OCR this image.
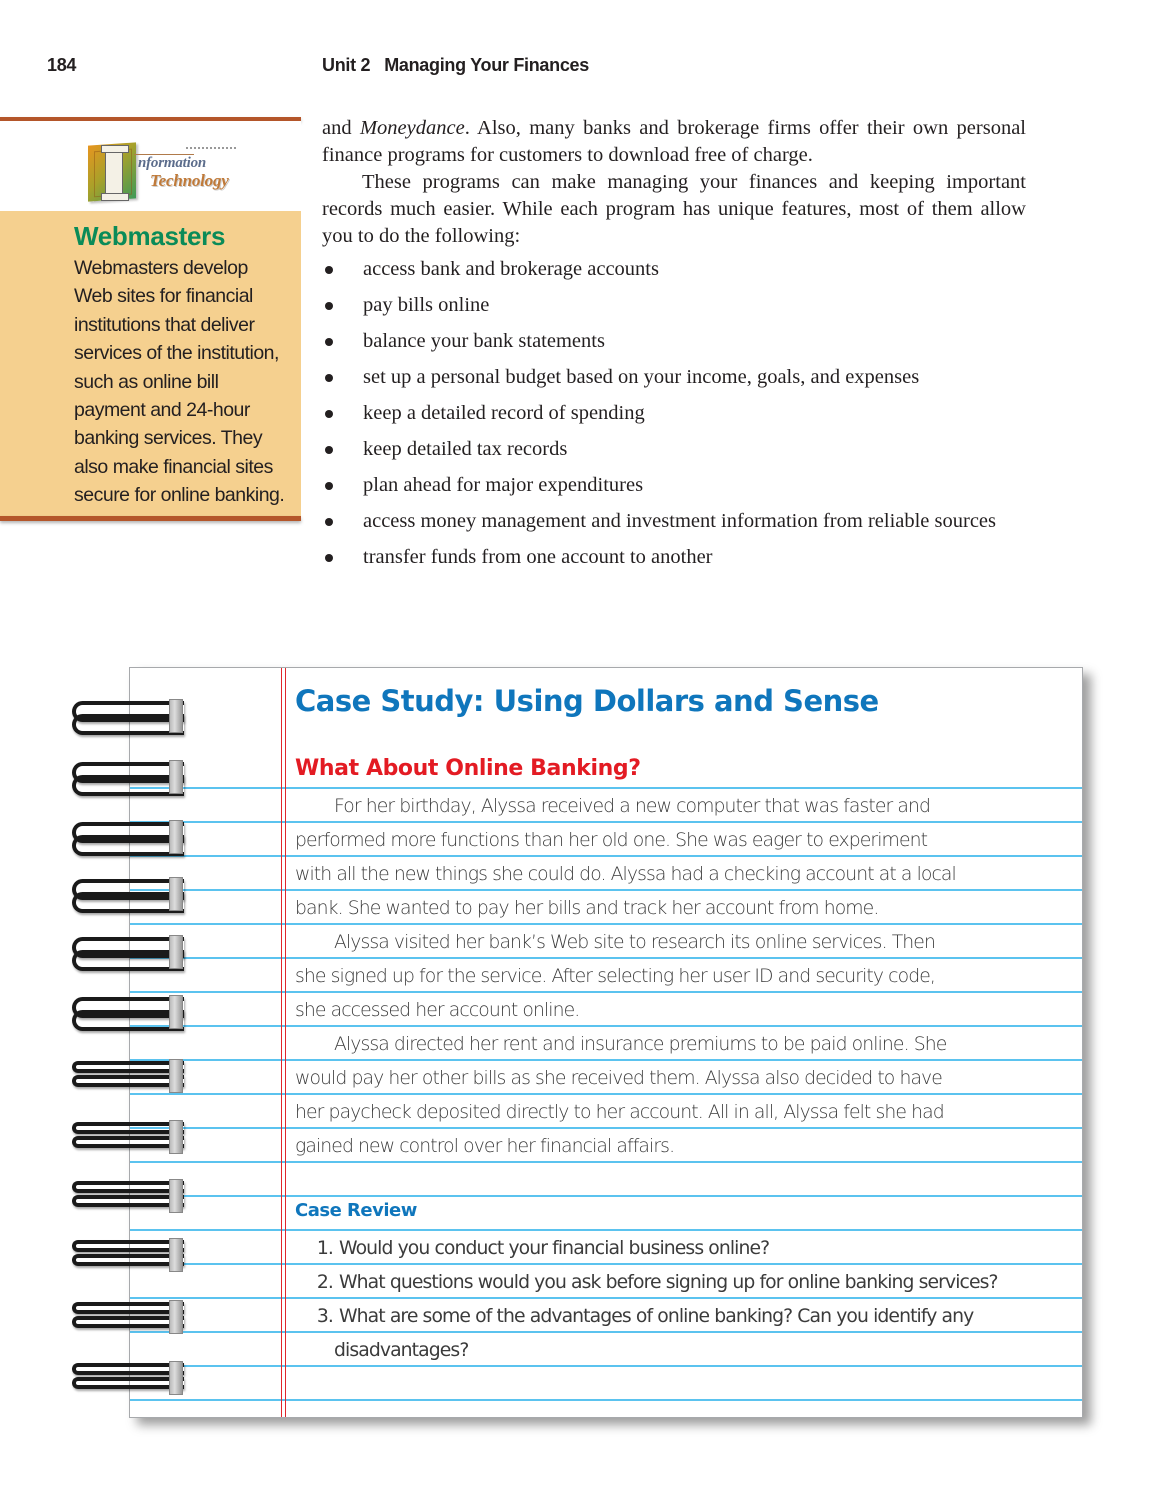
184	Unit 2 Managing Your Finances
nformation
Technology
Webmasters
Webmasters develop
Web sites for financial
institutions that deliver
services of the institution,
such as online bill
payment and 24-hour
banking services. They
also make financial sites
secure for online banking.

and Moneydance. Also, many banks and brokerage firms offer their own personal finance programs for customers to download free of charge.

These programs can make managing your finances and keeping important records much easier. While each program has unique features, most of them allow you to do the following:

access bank and brokerage accounts
pay bills online
balance your bank statements
set up a personal budget based on your income, goals, and expenses
keep a detailed record of spending
keep detailed tax records
plan ahead for major expenditures
access money management and investment information from reliable sources
transfer funds from one account to another
Case Study: Using Dollars and Sense
What About Online Banking?
For her birthday, Alyssa received a new computer that was faster and
performed more functions than her old one. She was eager to experiment
with all the new things she could do. Alyssa had a checking account at a local
bank. She wanted to pay her bills and track her account from home.
Alyssa visited her bank’s Web site to research its online services. Then
she signed up for the service. After selecting her user ID and security code,
she accessed her account online.
Alyssa directed her rent and insurance premiums to be paid online. She
would pay her other bills as she received them. Alyssa also decided to have
her paycheck deposited directly to her account. All in all, Alyssa felt she had
gained new control over her financial affairs.
Case Review
1. Would you conduct your financial business online?
2. What questions would you ask before signing up for online banking services?
3. What are some of the advantages of online banking? Can you identify any
disadvantages?
